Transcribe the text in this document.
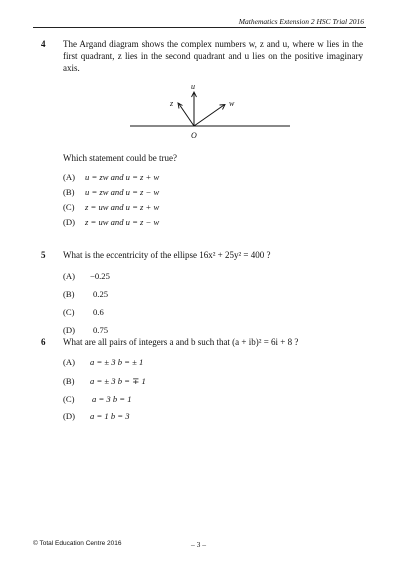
Mathematics Extension 2 HSC Trial 2016
4 The Argand diagram shows the complex numbers w, z and u, where w lies in the first quadrant, z lies in the second quadrant and u lies on the positive imaginary axis.
u
z	w
O
Which statement could be true?
(A) u = zw and u = z + w
(B) u = zw and u = z − w
(C) z = uw and u = z + w
(D) z = uw and u = z − w
5 What is the eccentricity of the ellipse 16x² + 25y² = 400 ?
(A) −0.25
(B) 0.25
(C) 0.6
(D) 0.75
6 What are all pairs of integers a and b such that (a + ib)² = 6i + 8 ?
(A) a = ± 3 b = ± 1
(B) a = ± 3 b = ∓ 1
(C) a = 3 b = 1
(D) a = 1 b = 3
© Total Education Centre 2016	– 3 –
